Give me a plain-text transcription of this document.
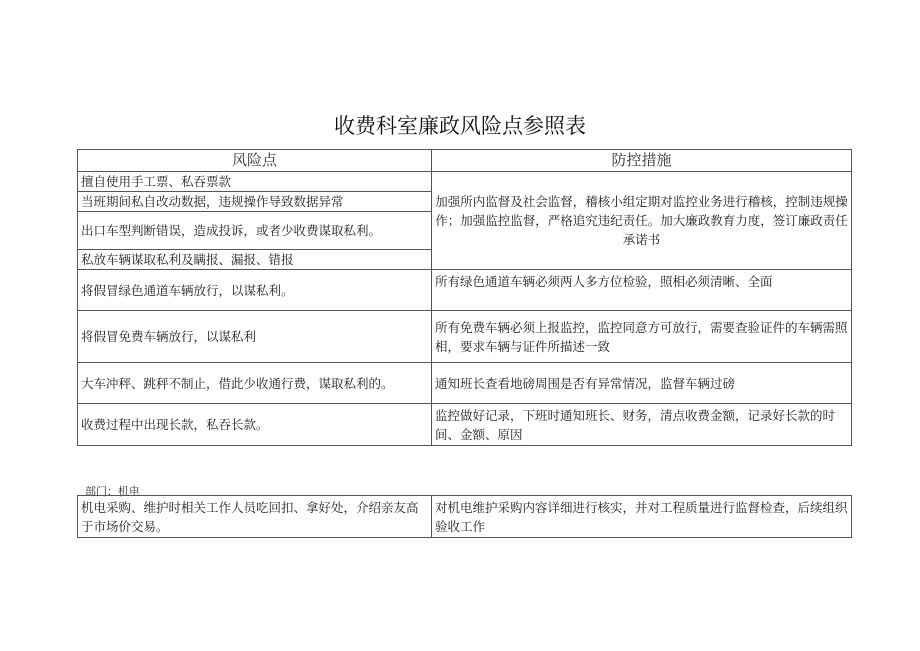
收费科室廉政风险点参照表
风险点	防控措施
擅自使用手工票、私吞票款	加强所内监督及社会监督，稽核小组定期对监控业务进行稽核，控制违规操作；加强监控监督，严格追究违纪责任。加大廉政教育力度，签订廉政责任承诺书
当班期间私自改动数据，违规操作导致数据异常	
出口车型判断错误，造成投诉，或者少收费谋取私利。	
私放车辆谋取私利及瞒报、漏报、错报	
将假冒绿色通道车辆放行，以谋私利。	所有绿色通道车辆必须两人多方位检验，照相必须清晰、全面
将假冒免费车辆放行，以谋私利	所有免费车辆必须上报监控，监控同意方可放行，需要查验证件的车辆需照相，要求车辆与证件所描述一致
大车冲秤、跳秤不制止，借此少收通行费，谋取私利的。	通知班长查看地磅周围是否有异常情况，监督车辆过磅
收费过程中出现长款，私吞长款。	监控做好记录，下班时通知班长、财务，清点收费金额，记录好长款的时间、金额、原因
部门：机电
机电采购、维护时相关工作人员吃回扣、拿好处，介绍亲友高于市场价交易。	对机电维护采购内容详细进行核实，并对工程质量进行监督检查，后续组织验收工作
